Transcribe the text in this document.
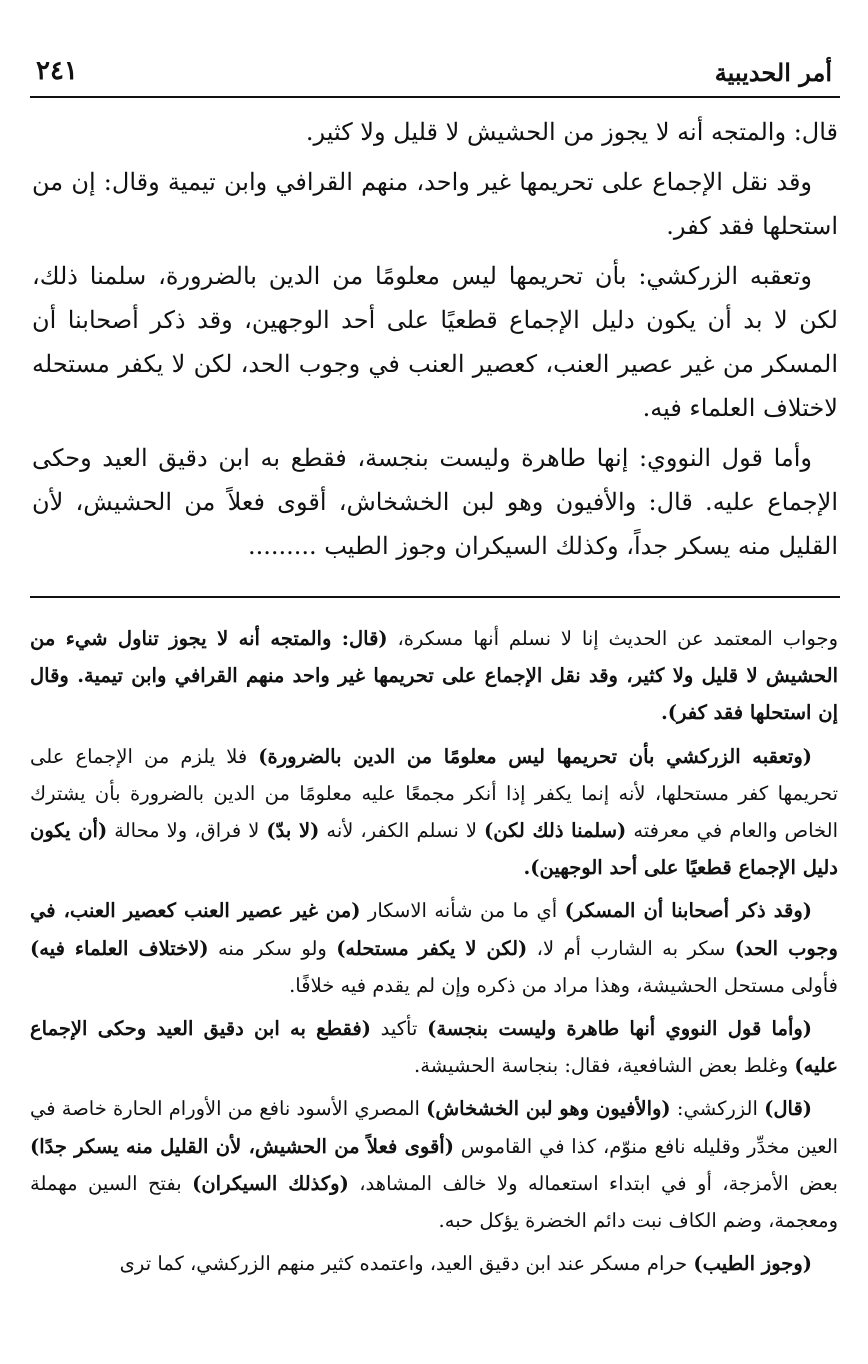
أمر الحديبية
٢٤١

قال: والمتجه أنه لا يجوز من الحشيش لا قليل ولا كثير.

وقد نقل الإجماع على تحريمها غير واحد، منهم القرافي وابن تيمية وقال: إن من استحلها فقد كفر.

وتعقبه الزركشي: بأن تحريمها ليس معلومًا من الدين بالضرورة، سلمنا ذلك، لكن لا بد أن يكون دليل الإجماع قطعيًا على أحد الوجهين، وقد ذكر أصحابنا أن المسكر من غير عصير العنب، كعصير العنب في وجوب الحد، لكن لا يكفر مستحله لاختلاف العلماء فيه.

وأما قول النووي: إنها طاهرة وليست بنجسة، فقطع به ابن دقيق العيد وحكى الإجماع عليه. قال: والأفيون وهو لبن الخشخاش، أقوى فعلاً من الحشيش، لأن القليل منه يسكر جداً، وكذلك السيكران وجوز الطيب .........

وجواب المعتمد عن الحديث إنا لا نسلم أنها مسكرة، (قال: والمتجه أنه لا يجوز تناول شيء من الحشيش لا قليل ولا كثير، وقد نقل الإجماع على تحريمها غير واحد منهم القرافي وابن تيمية. وقال إن استحلها فقد كفر).

(وتعقبه الزركشي بأن تحريمها ليس معلومًا من الدين بالضرورة) فلا يلزم من الإجماع على تحريمها كفر مستحلها، لأنه إنما يكفر إذا أنكر مجمعًا عليه معلومًا من الدين بالضرورة بأن يشترك الخاص والعام في معرفته (سلمنا ذلك لكن) لا نسلم الكفر، لأنه (لا بدّ) لا فراق، ولا محالة (أن يكون دليل الإجماع قطعيًا على أحد الوجهين).

(وقد ذكر أصحابنا أن المسكر) أي ما من شأنه الاسكار (من غير عصير العنب كعصير العنب، في وجوب الحد) سكر به الشارب أم لا، (لكن لا يكفر مستحله) ولو سكر منه (لاختلاف العلماء فيه) فأولى مستحل الحشيشة، وهذا مراد من ذكره وإن لم يقدم فيه خلافًا.

(وأما قول النووي أنها طاهرة وليست بنجسة) تأكيد (فقطع به ابن دقيق العيد وحكى الإجماع عليه) وغلط بعض الشافعية، فقال: بنجاسة الحشيشة.

(قال) الزركشي: (والأفيون وهو لبن الخشخاش) المصري الأسود نافع من الأورام الحارة خاصة في العين مخدِّر وقليله نافع منوّم، كذا في القاموس (أقوى فعلاً من الحشيش، لأن القليل منه يسكر جدًا) بعض الأمزجة، أو في ابتداء استعماله ولا خالف المشاهد، (وكذلك السيكران) بفتح السين مهملة ومعجمة، وضم الكاف نبت دائم الخضرة يؤكل حبه.

(وجوز الطيب) حرام مسكر عند ابن دقيق العيد، واعتمده كثير منهم الزركشي، كما ترى
